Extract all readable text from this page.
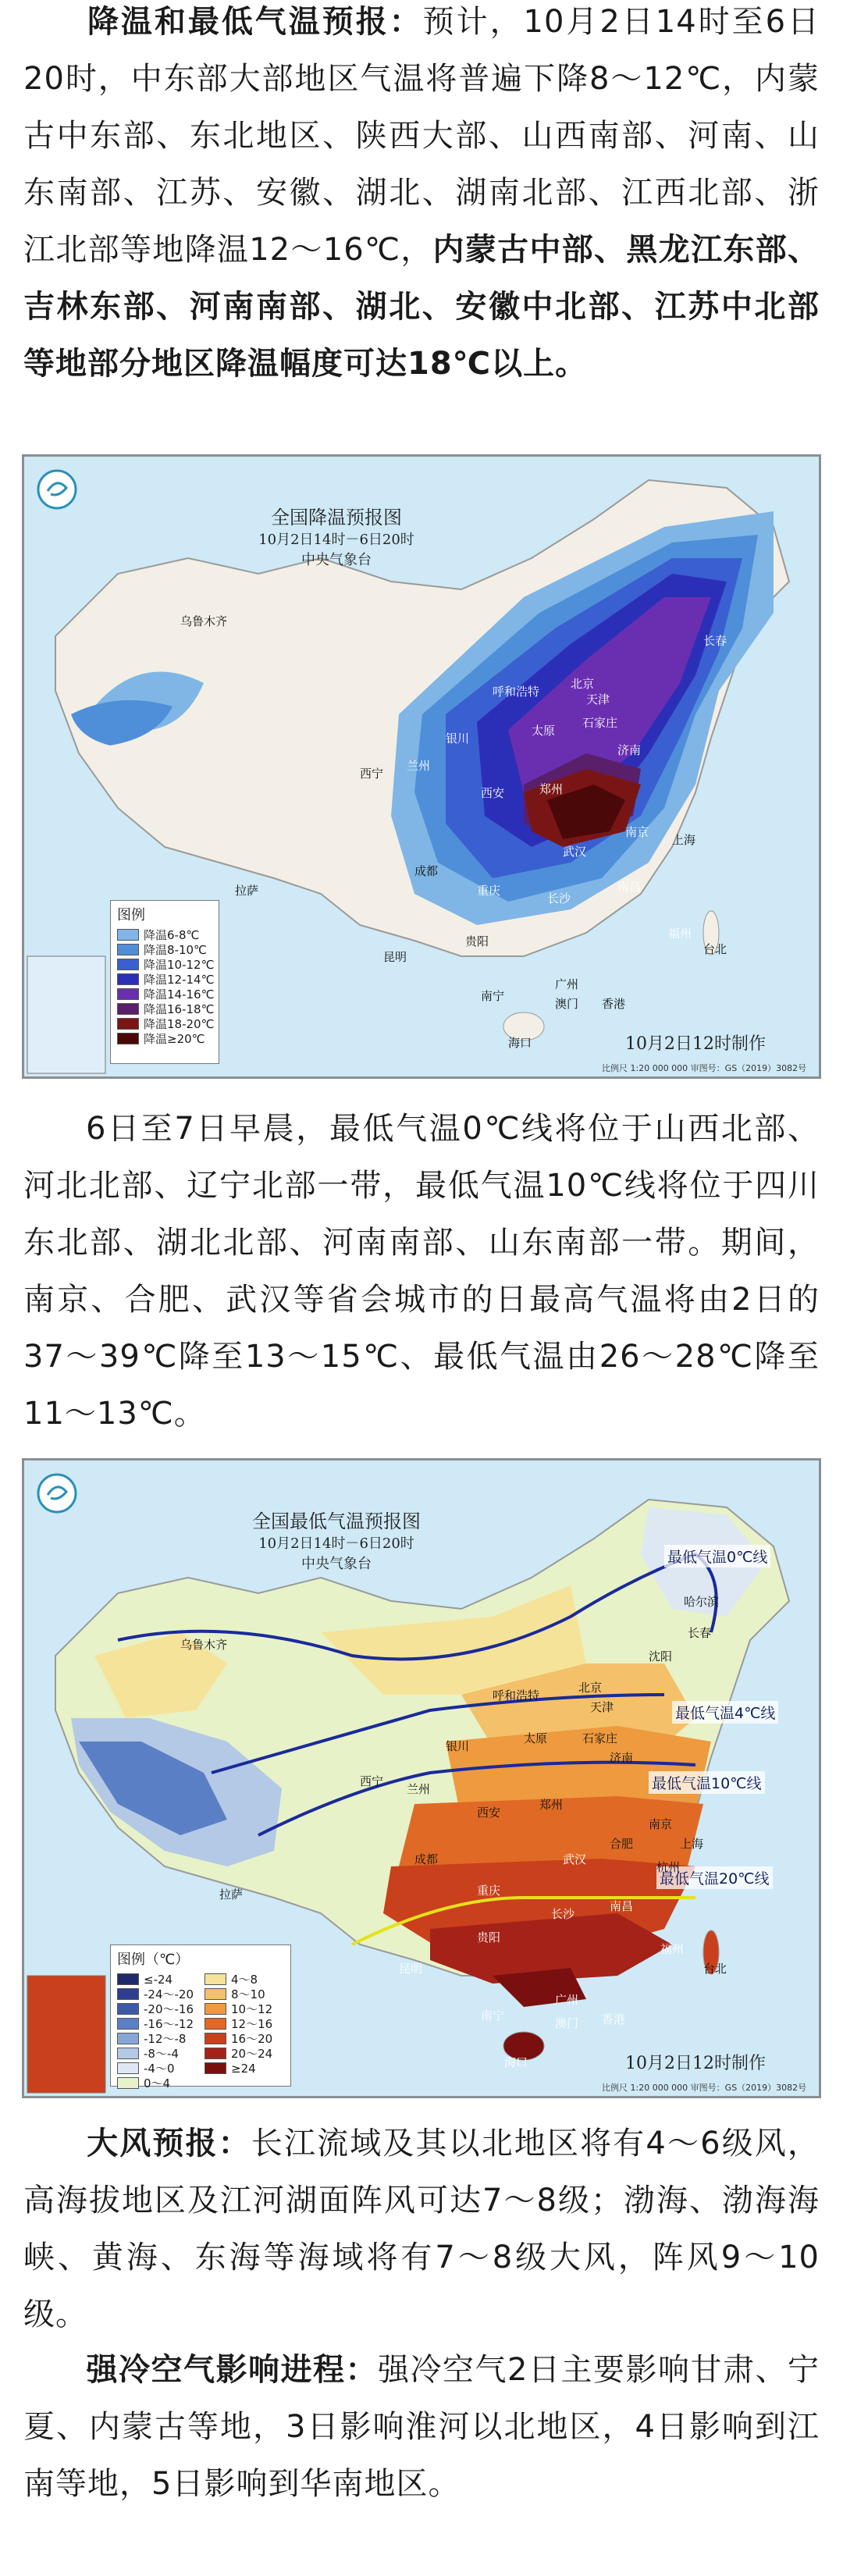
降温和最低气温预报：预计，10月2日14时至6日20时，中东部大部地区气温将普遍下降8～12℃，内蒙古中东部、东北地区、陕西大部、山西南部、河南、山东南部、江苏、安徽、湖北、湖南北部、江西北部、浙江北部等地降温12～16℃，内蒙古中部、黑龙江东部、吉林东部、河南南部、湖北、安徽中北部、江苏中北部等地部分地区降温幅度可达18℃以上。

全国降温预报图
10月2日14时－6日20时
中央气象台
乌鲁木齐
西宁
兰州
银川
呼和浩特
太原
石家庄
济南
西安	郑州
成都
重庆
拉萨
昆明
贵阳
长沙
武汉
南昌
福州
台北
南宁
广州
香港
澳门
海口
长春
上海
天津
北京
南京
图例
降温6-8℃
降温8-10℃
降温10-12℃
降温12-14℃
降温14-16℃
降温16-18℃
降温18-20℃
降温≥20℃	10月2日12时制作
比例尺 1:20 000 000 审图号：GS（2019）3082号

6日至7日早晨，最低气温0℃线将位于山西北部、河北北部、辽宁北部一带，最低气温10℃线将位于四川东北部、湖北北部、河南南部、山东南部一带。期间，南京、合肥、武汉等省会城市的日最高气温将由2日的37～39℃降至13～15℃、最低气温由26～28℃降至11～13℃。

全国最低气温预报图
10月2日14时－6日20时
中央气象台	最低气温0℃线
最低气温4℃线
最低气温10℃线
最低气温20℃线
哈尔滨
长春
沈阳
乌鲁木齐
呼和浩特
北京
天津
银川
太原	石家庄
济南
西宁
兰州
西安
郑州
拉萨
成都
合肥
南京
武汉
上海
杭州
重庆
长沙
贵阳
南昌
福州
台北
昆明
南宁
广州
香港
澳门
海口
图例（℃）
≤-24
-24～-20
-20～-16
-16～-12
-12～-8
-8～-4
-4～0
0～4
4～8
8～10
10～12
12～16
16～20
20～24
≥24	10月2日12时制作
比例尺 1:20 000 000 审图号：GS（2019）3082号

大风预报：长江流域及其以北地区将有4～6级风，高海拔地区及江河湖面阵风可达7～8级；渤海、渤海海峡、黄海、东海等海域将有7～8级大风，阵风9～10级。

强冷空气影响进程：强冷空气2日主要影响甘肃、宁夏、内蒙古等地，3日影响淮河以北地区，4日影响到江南等地，5日影响到华南地区。
